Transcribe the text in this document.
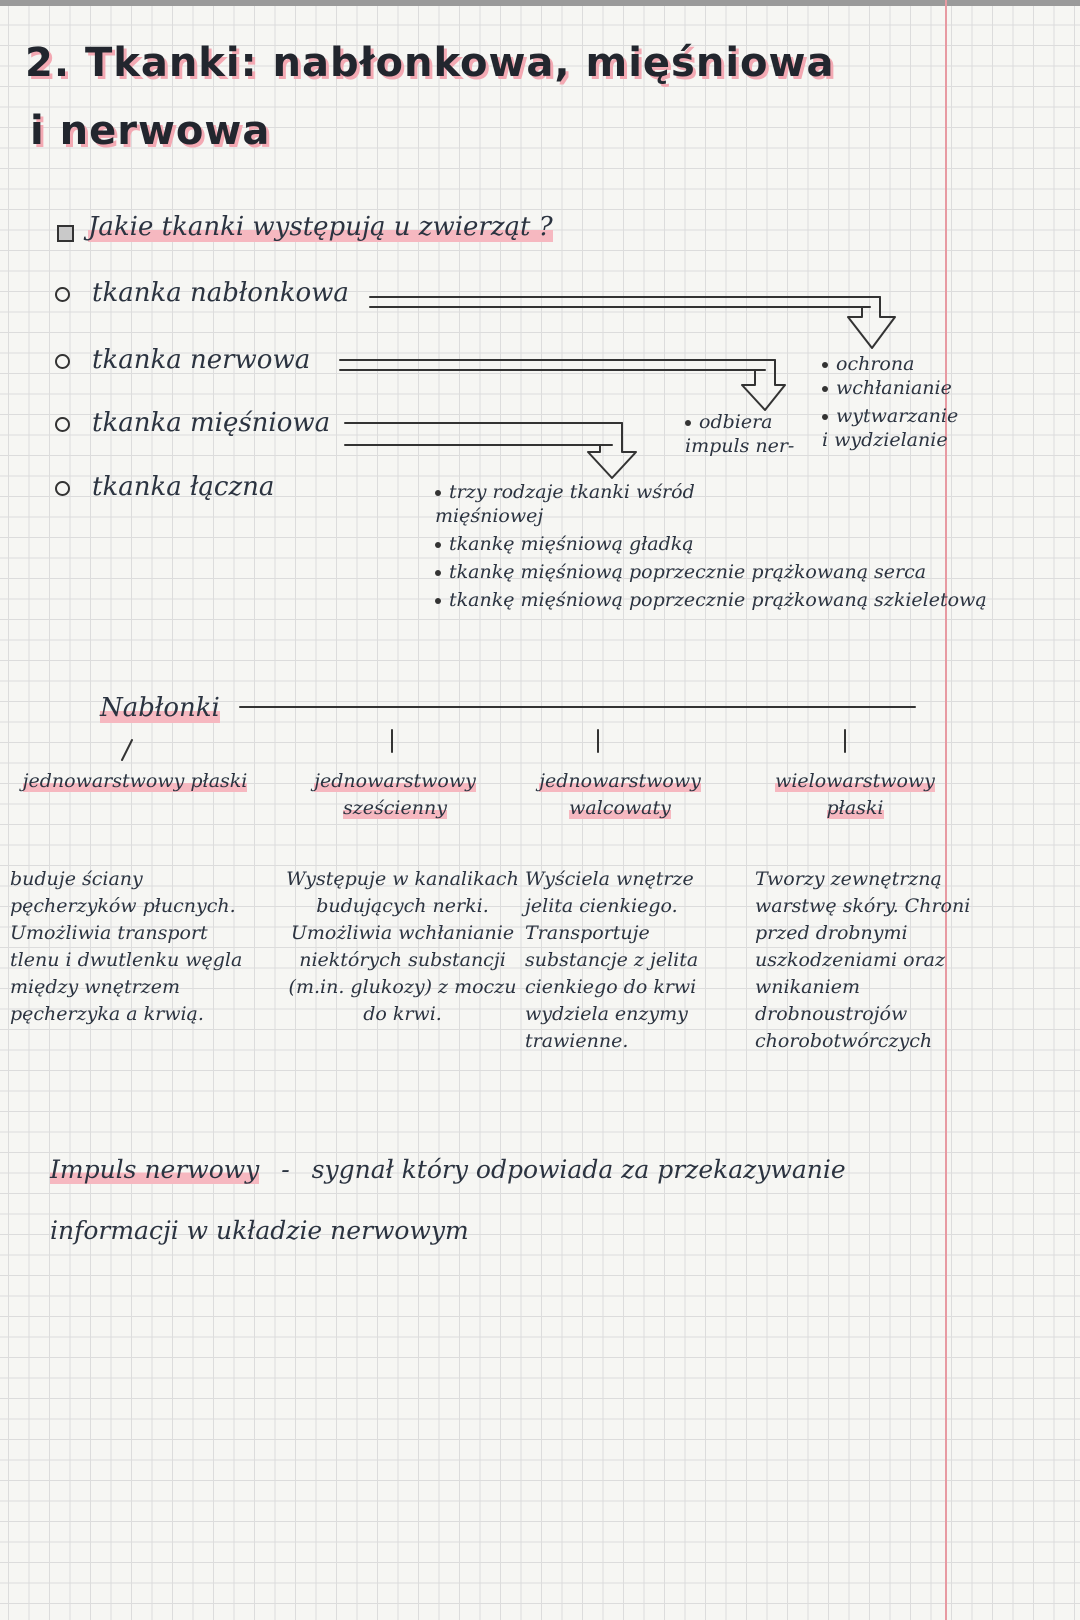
2. Tkanki: nabłonkowa, mięśniowa
i nerwowa
Jakie tkanki występują u zwierząt ?
tkanka nabłonkowa
tkanka nerwowa
tkanka mięśniowa
tkanka łączna
ochrona
wchłanianie
wytwarzanie
i wydzielanie
odbiera impuls ner-
trzy rodzaje tkanki wśród mięśniowej
tkankę mięśniową gładką
tkankę mięśniową poprzecznie prążkowaną serca
tkankę mięśniową poprzecznie prążkowaną szkieletową
Nabłonki
jednowarstwowy płaski	jednowarstwowy sześcienny
jednowarstwowy walcowaty
wielowarstwowy płaski
buduje ściany pęcherzyków płucnych. Umożliwia transport tlenu i dwutlenku węgla między wnętrzem pęcherzyka a krwią.
Występuje w kanalikach budujących nerki. Umożliwia wchłanianie niektórych substancji (m.in. glukozy) z moczu do krwi.
Wyściela wnętrze jelita cienkiego. Transportuje substancje z jelita cienkiego do krwi wydziela enzymy trawienne.
Tworzy zewnętrzną warstwę skóry. Chroni przed drobnymi uszkodzeniami oraz wnikaniem drobnoustrojów chorobotwórczych
Impuls nerwowy - sygnał który odpowiada za przekazywanie
informacji w układzie nerwowym
